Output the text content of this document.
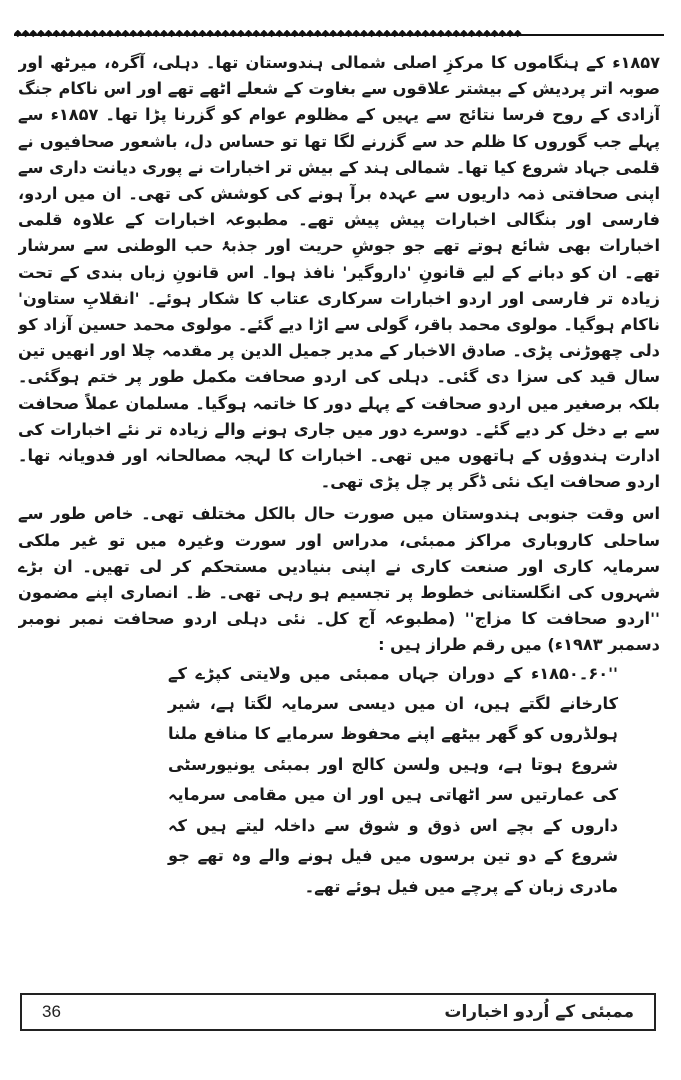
◆◆◆◆◆◆◆◆◆◆◆◆◆◆◆◆◆◆◆◆◆◆◆◆◆◆◆◆◆◆◆◆◆◆◆◆◆◆◆◆◆◆◆◆◆◆◆◆◆◆◆◆◆◆◆◆◆◆◆◆◆◆◆◆◆◆

۱۸۵۷ء کے ہنگاموں کا مرکزِ اصلی شمالی ہندوستان تھا۔ دہلی، آگرہ، میرٹھ اور صوبہ اتر پردیش کے بیشتر علاقوں سے بغاوت کے شعلے اٹھے تھے اور اس ناکام جنگ آزادی کے روح فرسا نتائج سے یہیں کے مظلوم عوام کو گزرنا پڑا تھا۔ ۱۸۵۷ء سے پہلے جب گوروں کا ظلم حد سے گزرنے لگا تھا تو حساس دل، باشعور صحافیوں نے قلمی جہاد شروع کیا تھا۔ شمالی ہند کے بیش تر اخبارات نے پوری دیانت داری سے اپنی صحافتی ذمہ داریوں سے عہدہ برآ ہونے کی کوشش کی تھی۔ ان میں اردو، فارسی اور بنگالی اخبارات پیش پیش تھے۔ مطبوعہ اخبارات کے علاوہ قلمی اخبارات بھی شائع ہوتے تھے جو جوشِ حریت اور جذبۂ حب الوطنی سے سرشار تھے۔ ان کو دبانے کے لیے قانونِ 'داروگیر' نافذ ہوا۔ اس قانونِ زباں بندی کے تحت زیادہ تر فارسی اور اردو اخبارات سرکاری عتاب کا شکار ہوئے۔ 'انقلابِ ستاون' ناکام ہوگیا۔ مولوی محمد باقر، گولی سے اڑا دیے گئے۔ مولوی محمد حسین آزاد کو دلی چھوڑنی پڑی۔ صادق الاخبار کے مدیر جمیل الدین پر مقدمہ چلا اور انھیں تین سال قید کی سزا دی گئی۔ دہلی کی اردو صحافت مکمل طور پر ختم ہوگئی۔ بلکہ برصغیر میں اردو صحافت کے پہلے دور کا خاتمہ ہوگیا۔ مسلمان عملاً صحافت سے بے دخل کر دیے گئے۔ دوسرے دور میں جاری ہونے والے زیادہ تر نئے اخبارات کی ادارت ہندوؤں کے ہاتھوں میں تھی۔ اخبارات کا لہجہ مصالحانہ اور فدویانہ تھا۔ اردو صحافت ایک نئی ڈگر پر چل پڑی تھی۔

اس وقت جنوبی ہندوستان میں صورت حال بالکل مختلف تھی۔ خاص طور سے ساحلی کاروباری مراکز ممبئی، مدراس اور سورت وغیرہ میں تو غیر ملکی سرمایہ کاری اور صنعت کاری نے اپنی بنیادیں مستحکم کر لی تھیں۔ ان بڑے شہروں کی انگلستانی خطوط پر تجسیم ہو رہی تھی۔ ظ۔ انصاری اپنے مضمون ''اردو صحافت کا مزاج'' (مطبوعہ آج کل۔ نئی دہلی اردو صحافت نمبر نومبر دسمبر ۱۹۸۳ء) میں رقم طراز ہیں :

''۶۰۔۱۸۵۰ء کے دوران جہاں ممبئی میں ولایتی کپڑے کے کارخانے لگتے ہیں، ان میں دیسی سرمایہ لگتا ہے، شیر ہولڈروں کو گھر بیٹھے اپنے محفوظ سرمایے کا منافع ملنا شروع ہوتا ہے، وہیں ولسن کالج اور بمبئی یونیورسٹی کی عمارتیں سر اٹھاتی ہیں اور ان میں مقامی سرمایہ داروں کے بچے اس ذوق و شوق سے داخلہ لیتے ہیں کہ شروع کے دو تین برسوں میں فیل ہونے والے وہ تھے جو مادری زبان کے پرچے میں فیل ہوئے تھے۔

36	ممبئی کے اُردو اخبارات
